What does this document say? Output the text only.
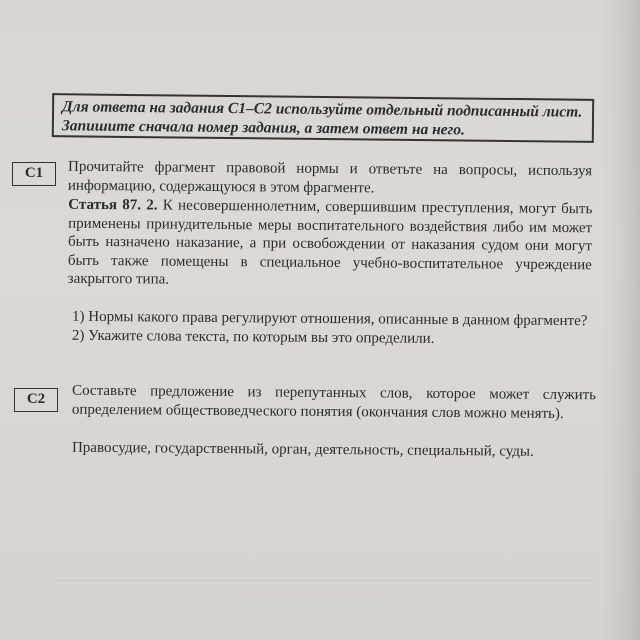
Для ответа на задания С1–С2 используйте отдельный подписанный лист. Запишите сначала номер задания, а затем ответ на него.
С1	Прочитайте фрагмент правовой нормы и ответьте на вопросы, используя информацию, содержащуюся в этом фрагменте.

Статья 87. 2. К несовершеннолетним, совершившим преступления, могут быть применены принудительные меры воспитательного воздействия либо им может быть назначено наказание, а при освобождении от наказания судом они могут быть также помещены в специальное учебно-воспитательное учреждение закрытого типа.

1) Нормы какого права регулируют отношения, описанные в данном фрагменте?

2) Укажите слова текста, по которым вы это определили.

С2	Составьте предложение из перепутанных слов, которое может служить определением обществоведческого понятия (окончания слов можно менять).

Правосудие, государственный, орган, деятельность, специальный, суды.
